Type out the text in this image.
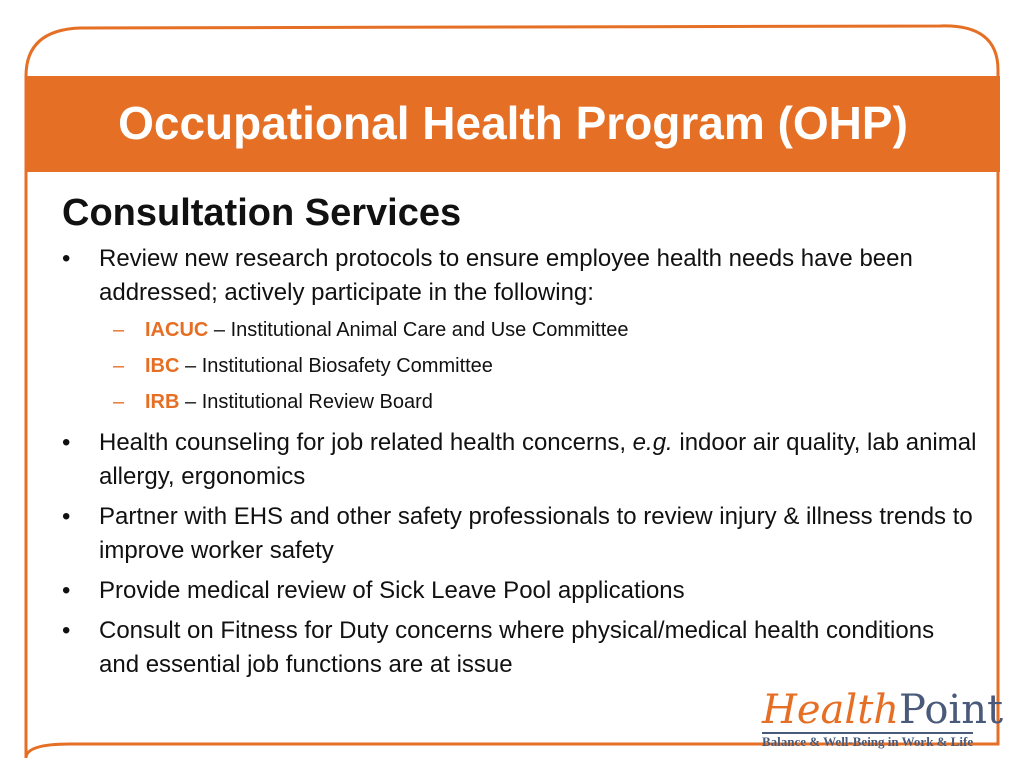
Occupational Health Program (OHP)
Consultation Services
• Review new research protocols to ensure employee health needs have been addressed; actively participate in the following:
– IACUC – Institutional Animal Care and Use Committee
– IBC – Institutional Biosafety Committee
– IRB – Institutional Review Board
• Health counseling for job related health concerns, e.g. indoor air quality, lab animal allergy, ergonomics
• Partner with EHS and other safety professionals to review injury & illness trends to improve worker safety
• Provide medical review of Sick Leave Pool applications
• Consult on Fitness for Duty concerns where physical/medical health conditions and essential job functions are at issue
HealthPoint
Balance & Well-Being in Work & Life
